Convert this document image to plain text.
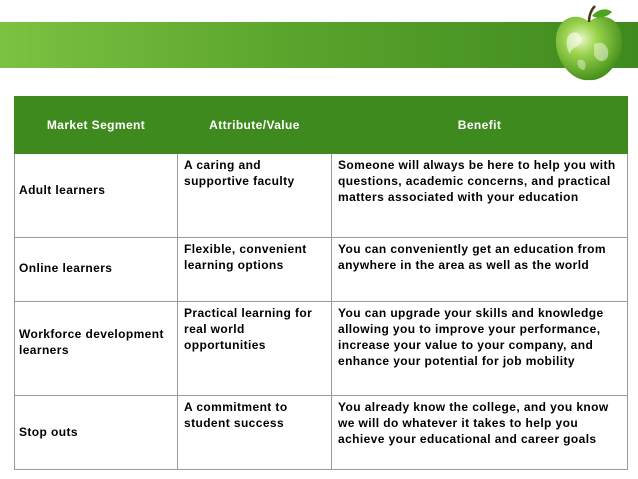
Market Segment	Attribute/Value	Benefit
Adult learners	A caring and supportive faculty	Someone will always be here to help you with questions, academic concerns, and practical matters associated with your education
Online learners	Flexible, convenient learning options	You can conveniently get an education from anywhere in the area as well as the world
Workforce development learners	Practical learning for real world opportunities	You can upgrade your skills and knowledge allowing you to improve your performance, increase your value to your company, and enhance your potential for job mobility
Stop outs	A commitment to student success	You already know the college, and you know we will do whatever it takes to help you achieve your educational and career goals
